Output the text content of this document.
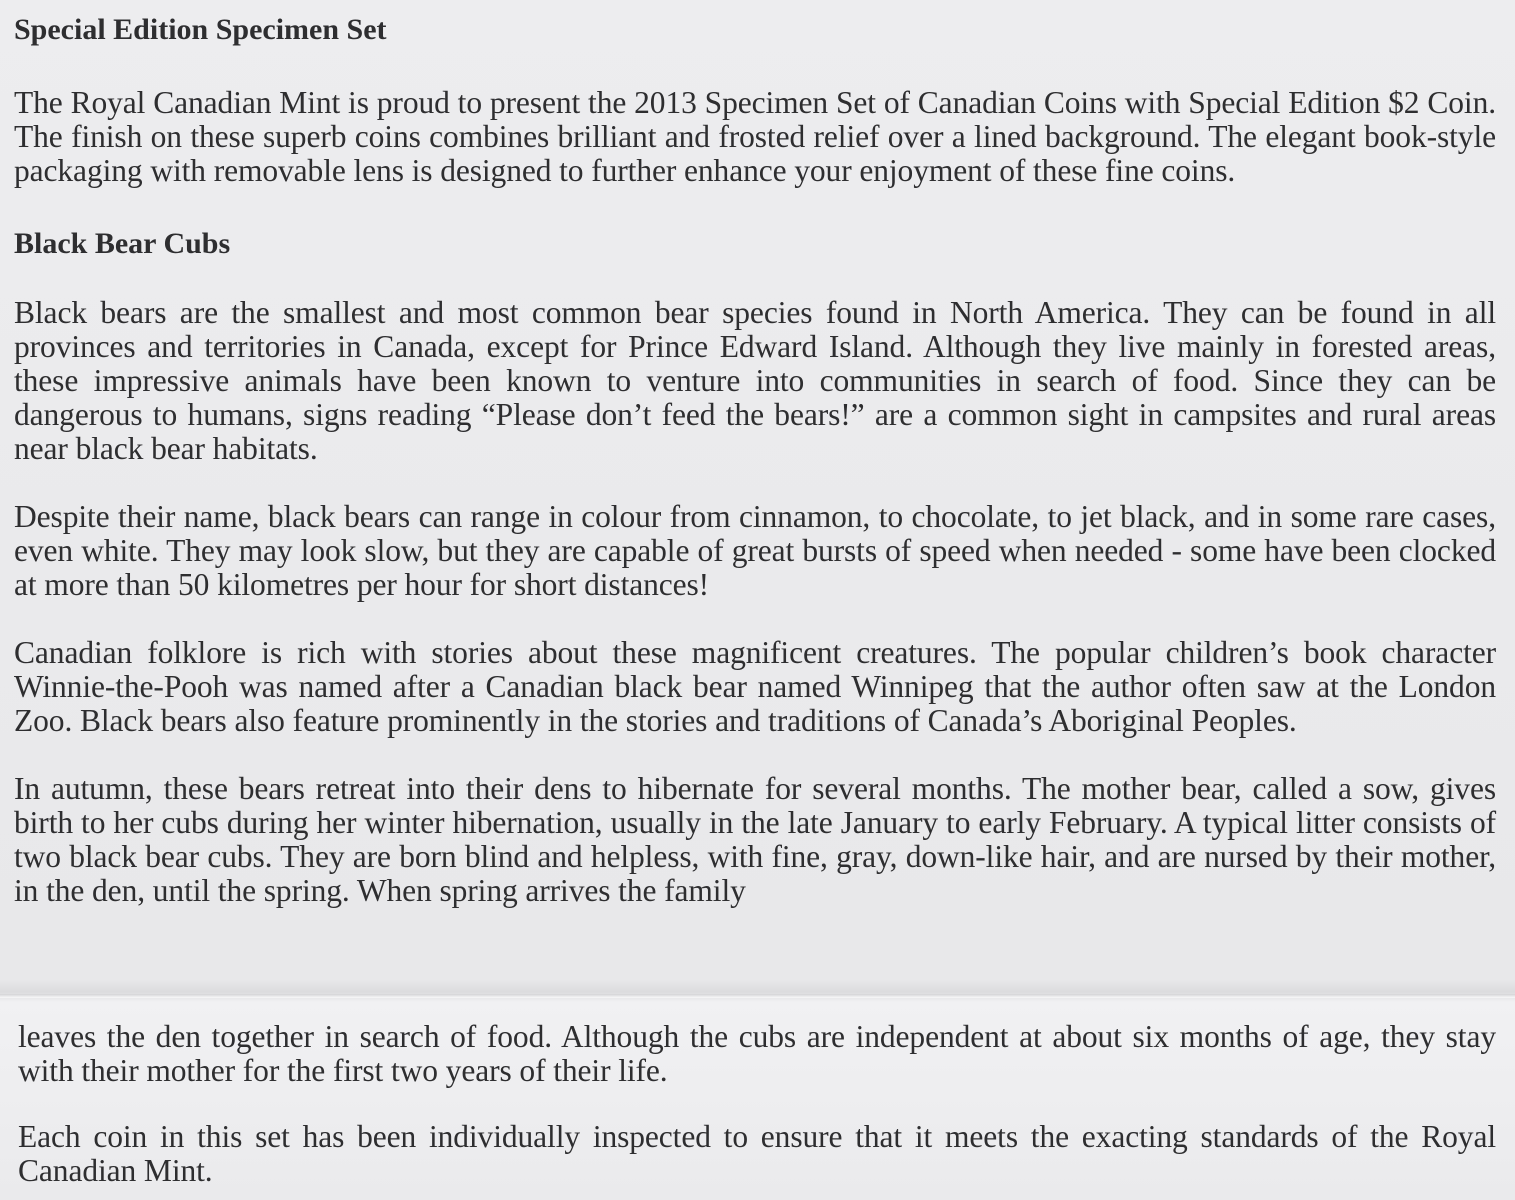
Special Edition Specimen Set

The Royal Canadian Mint is proud to present the 2013 Specimen Set of Canadian Coins with Special Edition $2 Coin. The finish on these superb coins combines brilliant and frosted relief over a lined background. The elegant book-style packaging with removable lens is designed to further enhance your enjoyment of these fine coins.

Black Bear Cubs

Black bears are the smallest and most common bear species found in North America. They can be found in all provinces and territories in Canada, except for Prince Edward Island. Although they live mainly in forested areas, these impressive animals have been known to venture into communities in search of food. Since they can be dangerous to humans, signs reading “Please don’t feed the bears!” are a common sight in campsites and rural areas near black bear habitats.

Despite their name, black bears can range in colour from cinnamon, to chocolate, to jet black, and in some rare cases, even white. They may look slow, but they are capable of great bursts of speed when needed - some have been clocked at more than 50 kilometres per hour for short distances!

Canadian folklore is rich with stories about these magnificent creatures. The popular children’s book character Winnie-the-Pooh was named after a Canadian black bear named Winnipeg that the author often saw at the London Zoo. Black bears also feature prominently in the stories and traditions of Canada’s Aboriginal Peoples.

In autumn, these bears retreat into their dens to hibernate for several months. The mother bear, called a sow, gives birth to her cubs during her winter hibernation, usually in the late January to early February. A typical litter consists of two black bear cubs. They are born blind and helpless, with fine, gray, down-like hair, and are nursed by their mother, in the den, until the spring. When spring arrives the family

leaves the den together in search of food. Although the cubs are independent at about six months of age, they stay with their mother for the first two years of their life.

Each coin in this set has been individually inspected to ensure that it meets the exacting standards of the Royal Canadian Mint.
